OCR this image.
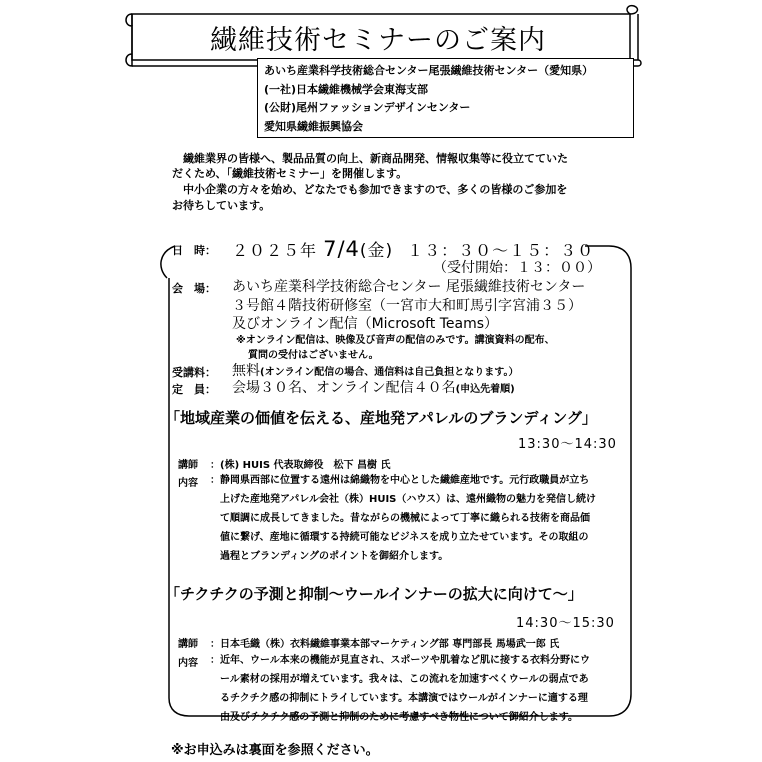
繊維技術セミナーのご案内
あいち産業科学技術総合センター尾張繊維技術センター（愛知県）
(一社)日本繊維機械学会東海支部
(公財)尾州ファッションデザインセンター
愛知県繊維振興協会
　繊維業界の皆様へ、製品品質の向上、新商品開発、情報収集等に役立てていた
だくため、「繊維技術セミナー」を開催します。
　中小企業の方々を始め、どなたでも参加できますので、多くの皆様のご参加を
お待ちしています。
日　時： ２０２５年 7/4(金) １３：３０～１５：３０
（受付開始：１３：００）
会　場： あいち産業科学技術総合センター 尾張繊維技術センター
３号館４階技術研修室（一宮市大和町馬引字宮浦３５）
及びオンライン配信（Microsoft Teams）
※オンライン配信は、映像及び音声の配信のみです。講演資料の配布、
質問の受付はございません。
受講料： 無料(オンライン配信の場合、通信料は自己負担となります。）
定　員： 会場３０名、オンライン配信４０名(申込先着順)
「地域産業の価値を伝える、産地発アパレルのブランディング」
13:30～14:30
講師 ：(株) HUIS 代表取締役　松下 昌樹 氏
内容 ：静岡県西部に位置する遠州は綿織物を中心とした繊維産地です。元行政職員が立ち
上げた産地発アパレル会社（株）HUIS（ハウス）は、遠州織物の魅力を発信し続け
て順調に成長してきました。昔ながらの機械によって丁寧に織られる技術を商品価
値に繋げ、産地に循環する持続可能なビジネスを成り立たせています。その取組の
過程とブランディングのポイントを御紹介します。
「チクチクの予測と抑制～ウールインナーの拡大に向けて～」
14:30～15:30
講師 ：日本毛織（株）衣料繊維事業本部マーケティング部 専門部長 馬場武一郎 氏
内容 ：近年、ウール本来の機能が見直され、スポーツや肌着など肌に接する衣料分野にウ
ール素材の採用が増えています。我々は、この流れを加速すべくウールの弱点であ
るチクチク感の抑制にトライしています。本講演ではウールがインナーに適する理
由及びチクチク感の予測と抑制のために考慮すべき物性について御紹介します。
※お申込みは裏面を参照ください。
